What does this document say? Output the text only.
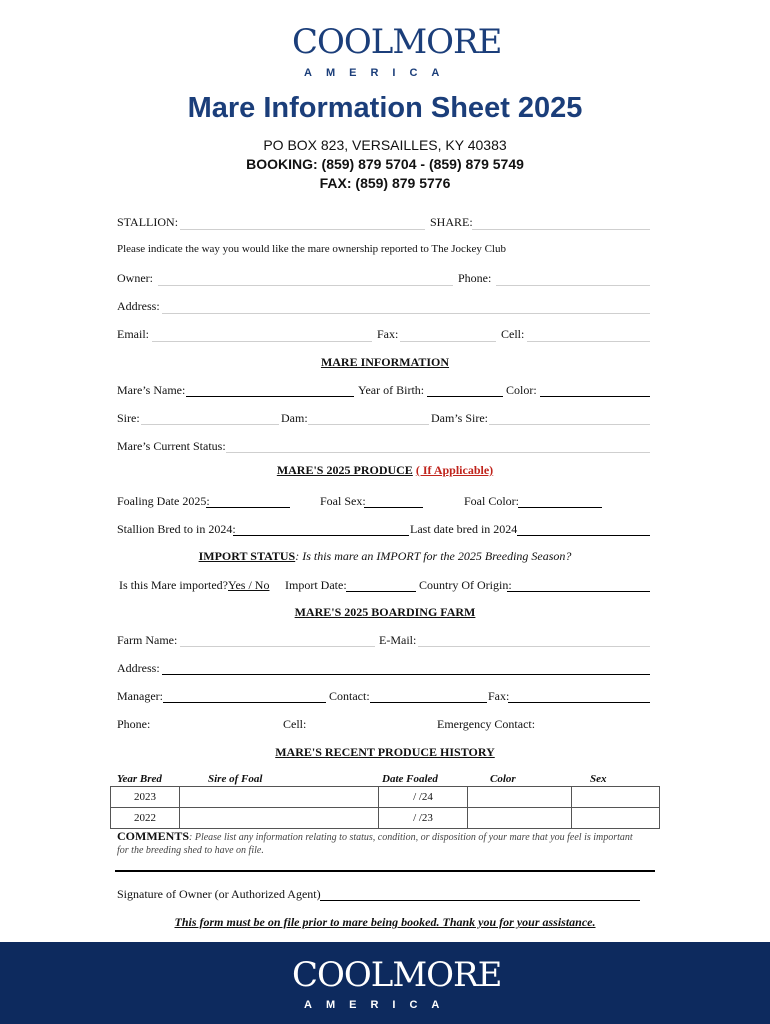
COOLMORE
AMERICA
Mare Information Sheet 2025
PO BOX 823, VERSAILLES, KY 40383
BOOKING: (859) 879 5704 - (859) 879 5749
FAX: (859) 879 5776
STALLION:	SHARE:
Please indicate the way you would like the mare ownership reported to The Jockey Club
Owner:	Phone:
Address:
Email:	Fax:	Cell:
MARE INFORMATION
Mare’s Name:	Year of Birth:	Color:
Sire:	Dam:	Dam’s Sire:
Mare’s Current Status:
MARE'S 2025 PRODUCE ( If Applicable)
Foaling Date 2025:	Foal Sex:	Foal Color:
Stallion Bred to in 2024:	Last date bred in 2024
IMPORT STATUS: Is this mare an IMPORT for the 2025 Breeding Season?
Is this Mare imported? Yes / No Import Date:	Country Of Origin:
MARE'S 2025 BOARDING FARM
Farm Name:	E-Mail:
Address:
Manager:	Contact:	Fax:
Phone:	Cell:	Emergency Contact:
MARE'S RECENT PRODUCE HISTORY
Year Bred	Sire of Foal	Date Foaled	Color	Sex
2023		/ /24		
2022		/ /23		
COMMENTS: Please list any information relating to status, condition, or disposition of your mare that you feel is important for the breeding shed to have on file.
Signature of Owner (or Authorized Agent)
This form must be on file prior to mare being booked. Thank you for your assistance.
COOLMORE
AMERICA
